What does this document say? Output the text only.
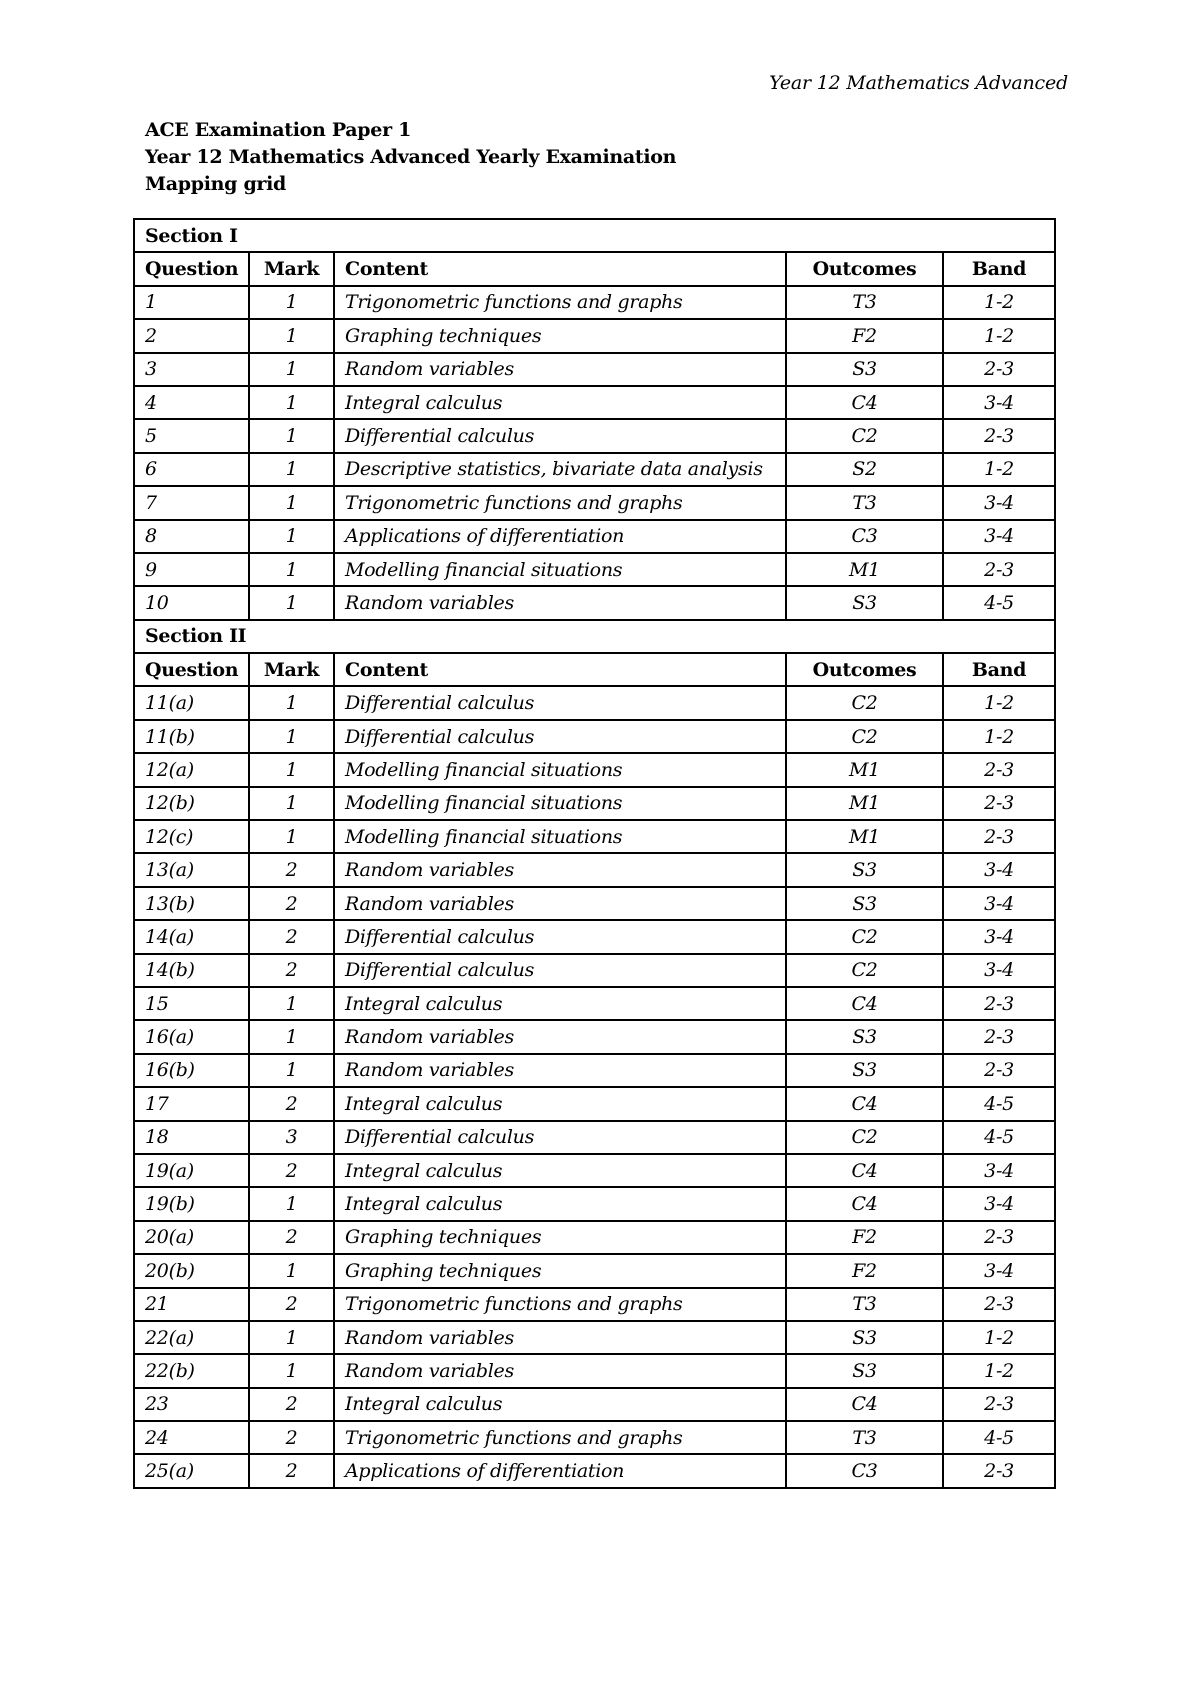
Year 12 Mathematics Advanced
ACE Examination Paper 1
Year 12 Mathematics Advanced Yearly Examination
Mapping grid
Section I				
Question	Mark	Content	Outcomes	Band
1	1	Trigonometric functions and graphs	T3	1-2
2	1	Graphing techniques	F2	1-2
3	1	Random variables	S3	2-3
4	1	Integral calculus	C4	3-4
5	1	Differential calculus	C2	2-3
6	1	Descriptive statistics, bivariate data analysis	S2	1-2
7	1	Trigonometric functions and graphs	T3	3-4
8	1	Applications of differentiation	C3	3-4
9	1	Modelling financial situations	M1	2-3
10	1	Random variables	S3	4-5
Section II				
Question	Mark	Content	Outcomes	Band
11(a)	1	Differential calculus	C2	1-2
11(b)	1	Differential calculus	C2	1-2
12(a)	1	Modelling financial situations	M1	2-3
12(b)	1	Modelling financial situations	M1	2-3
12(c)	1	Modelling financial situations	M1	2-3
13(a)	2	Random variables	S3	3-4
13(b)	2	Random variables	S3	3-4
14(a)	2	Differential calculus	C2	3-4
14(b)	2	Differential calculus	C2	3-4
15	1	Integral calculus	C4	2-3
16(a)	1	Random variables	S3	2-3
16(b)	1	Random variables	S3	2-3
17	2	Integral calculus	C4	4-5
18	3	Differential calculus	C2	4-5
19(a)	2	Integral calculus	C4	3-4
19(b)	1	Integral calculus	C4	3-4
20(a)	2	Graphing techniques	F2	2-3
20(b)	1	Graphing techniques	F2	3-4
21	2	Trigonometric functions and graphs	T3	2-3
22(a)	1	Random variables	S3	1-2
22(b)	1	Random variables	S3	1-2
23	2	Integral calculus	C4	2-3
24	2	Trigonometric functions and graphs	T3	4-5
25(a)	2	Applications of differentiation	C3	2-3
